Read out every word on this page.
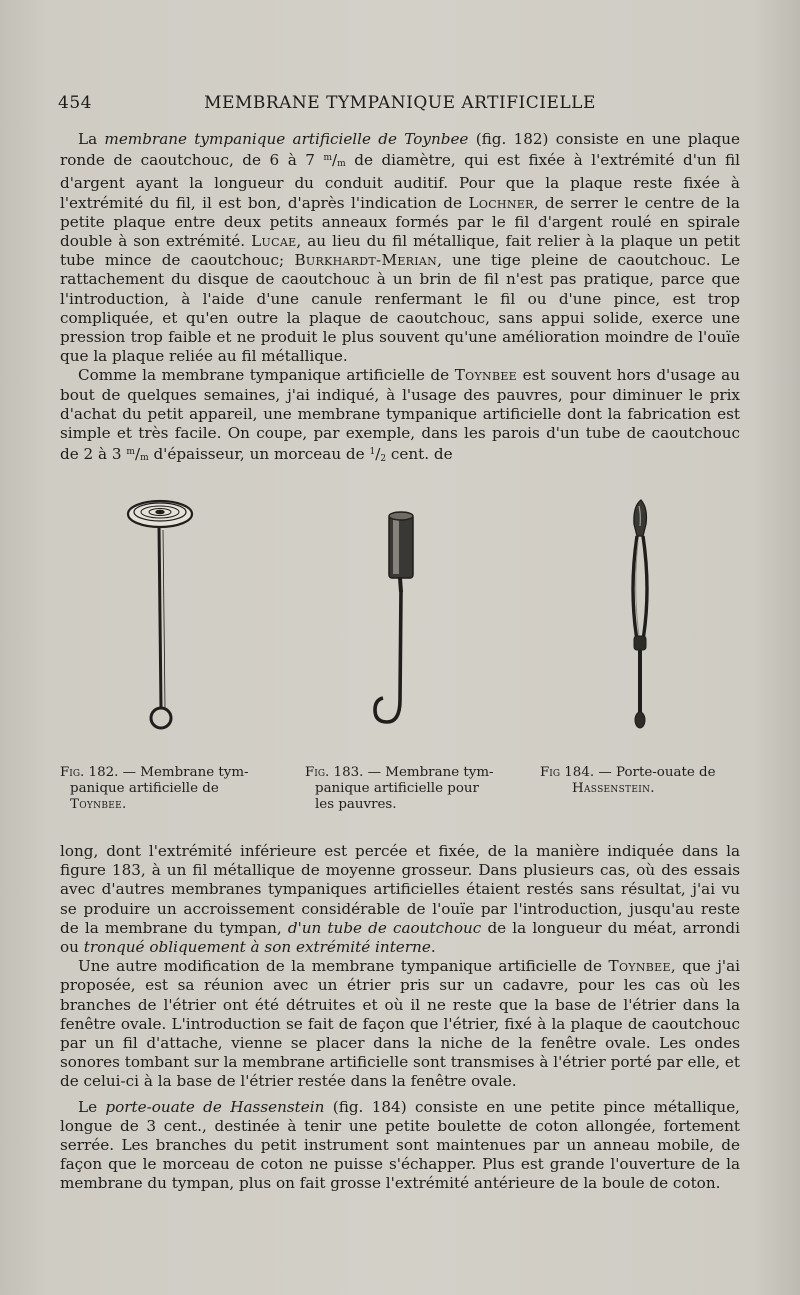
454	MEMBRANE TYMPANIQUE ARTIFICIELLE

La membrane tympanique artificielle de Toynbee (fig. 182) consiste en une plaque ronde de caoutchouc, de 6 à 7 $^m$/m de diamètre, qui est fixée à l'extrémité d'un fil d'argent ayant la longueur du conduit auditif. Pour que la plaque reste fixée à l'extrémité du fil, il est bon, d'après l'indication de Lochner, de serrer le centre de la petite plaque entre deux petits anneaux formés par le fil d'argent roulé en spirale double à son extrémité. Lucae, au lieu du fil métallique, fait relier à la plaque un petit tube mince de caoutchouc; Burkhardt-Merian, une tige pleine de caoutchouc. Le rattachement du disque de caoutchouc à un brin de fil n'est pas pratique, parce que l'introduction, à l'aide d'une canule renfermant le fil ou d'une pince, est trop compliquée, et qu'en outre la plaque de caoutchouc, sans appui solide, exerce une pression trop faible et ne produit le plus souvent qu'une amélioration moindre de l'ouïe que la plaque reliée au fil métallique.

Comme la membrane tympanique artificielle de Toynbee est souvent hors d'usage au bout de quelques semaines, j'ai indiqué, à l'usage des pauvres, pour diminuer le prix d'achat du petit appareil, une membrane tympanique artificielle dont la fabrication est simple et très facile. On coupe, par exemple, dans les parois d'un tube de caoutchouc de 2 à 3 $^m$/m d'épaisseur, un morceau de $^1/_2$ cent. de

Fig. 182. — Membrane tym-
panique artificielle de
Toynbee.
Fig. 183. — Membrane tym-
panique artificielle pour
les pauvres.
Fig 184. — Porte-ouate de
Hassenstein.

long, dont l'extrémité inférieure est percée et fixée, de la manière indiquée dans la figure 183, à un fil métallique de moyenne grosseur. Dans plusieurs cas, où des essais avec d'autres membranes tympaniques artificielles étaient restés sans résultat, j'ai vu se produire un accroissement considérable de l'ouïe par l'introduction, jusqu'au reste de la membrane du tympan, d'un tube de caoutchouc de la longueur du méat, arrondi ou tronqué obliquement à son extrémité interne.

Une autre modification de la membrane tympanique artificielle de Toynbee, que j'ai proposée, est sa réunion avec un étrier pris sur un cadavre, pour les cas où les branches de l'étrier ont été détruites et où il ne reste que la base de l'étrier dans la fenêtre ovale. L'introduction se fait de façon que l'étrier, fixé à la plaque de caoutchouc par un fil d'attache, vienne se placer dans la niche de la fenêtre ovale. Les ondes sonores tombant sur la membrane artificielle sont transmises à l'étrier porté par elle, et de celui-ci à la base de l'étrier restée dans la fenêtre ovale.

Le porte-ouate de Hassenstein (fig. 184) consiste en une petite pince métallique, longue de 3 cent., destinée à tenir une petite boulette de coton allongée, fortement serrée. Les branches du petit instrument sont maintenues par un anneau mobile, de façon que le morceau de coton ne puisse s'échapper. Plus est grande l'ouverture de la membrane du tympan, plus on fait grosse l'extrémité antérieure de la boule de coton.
